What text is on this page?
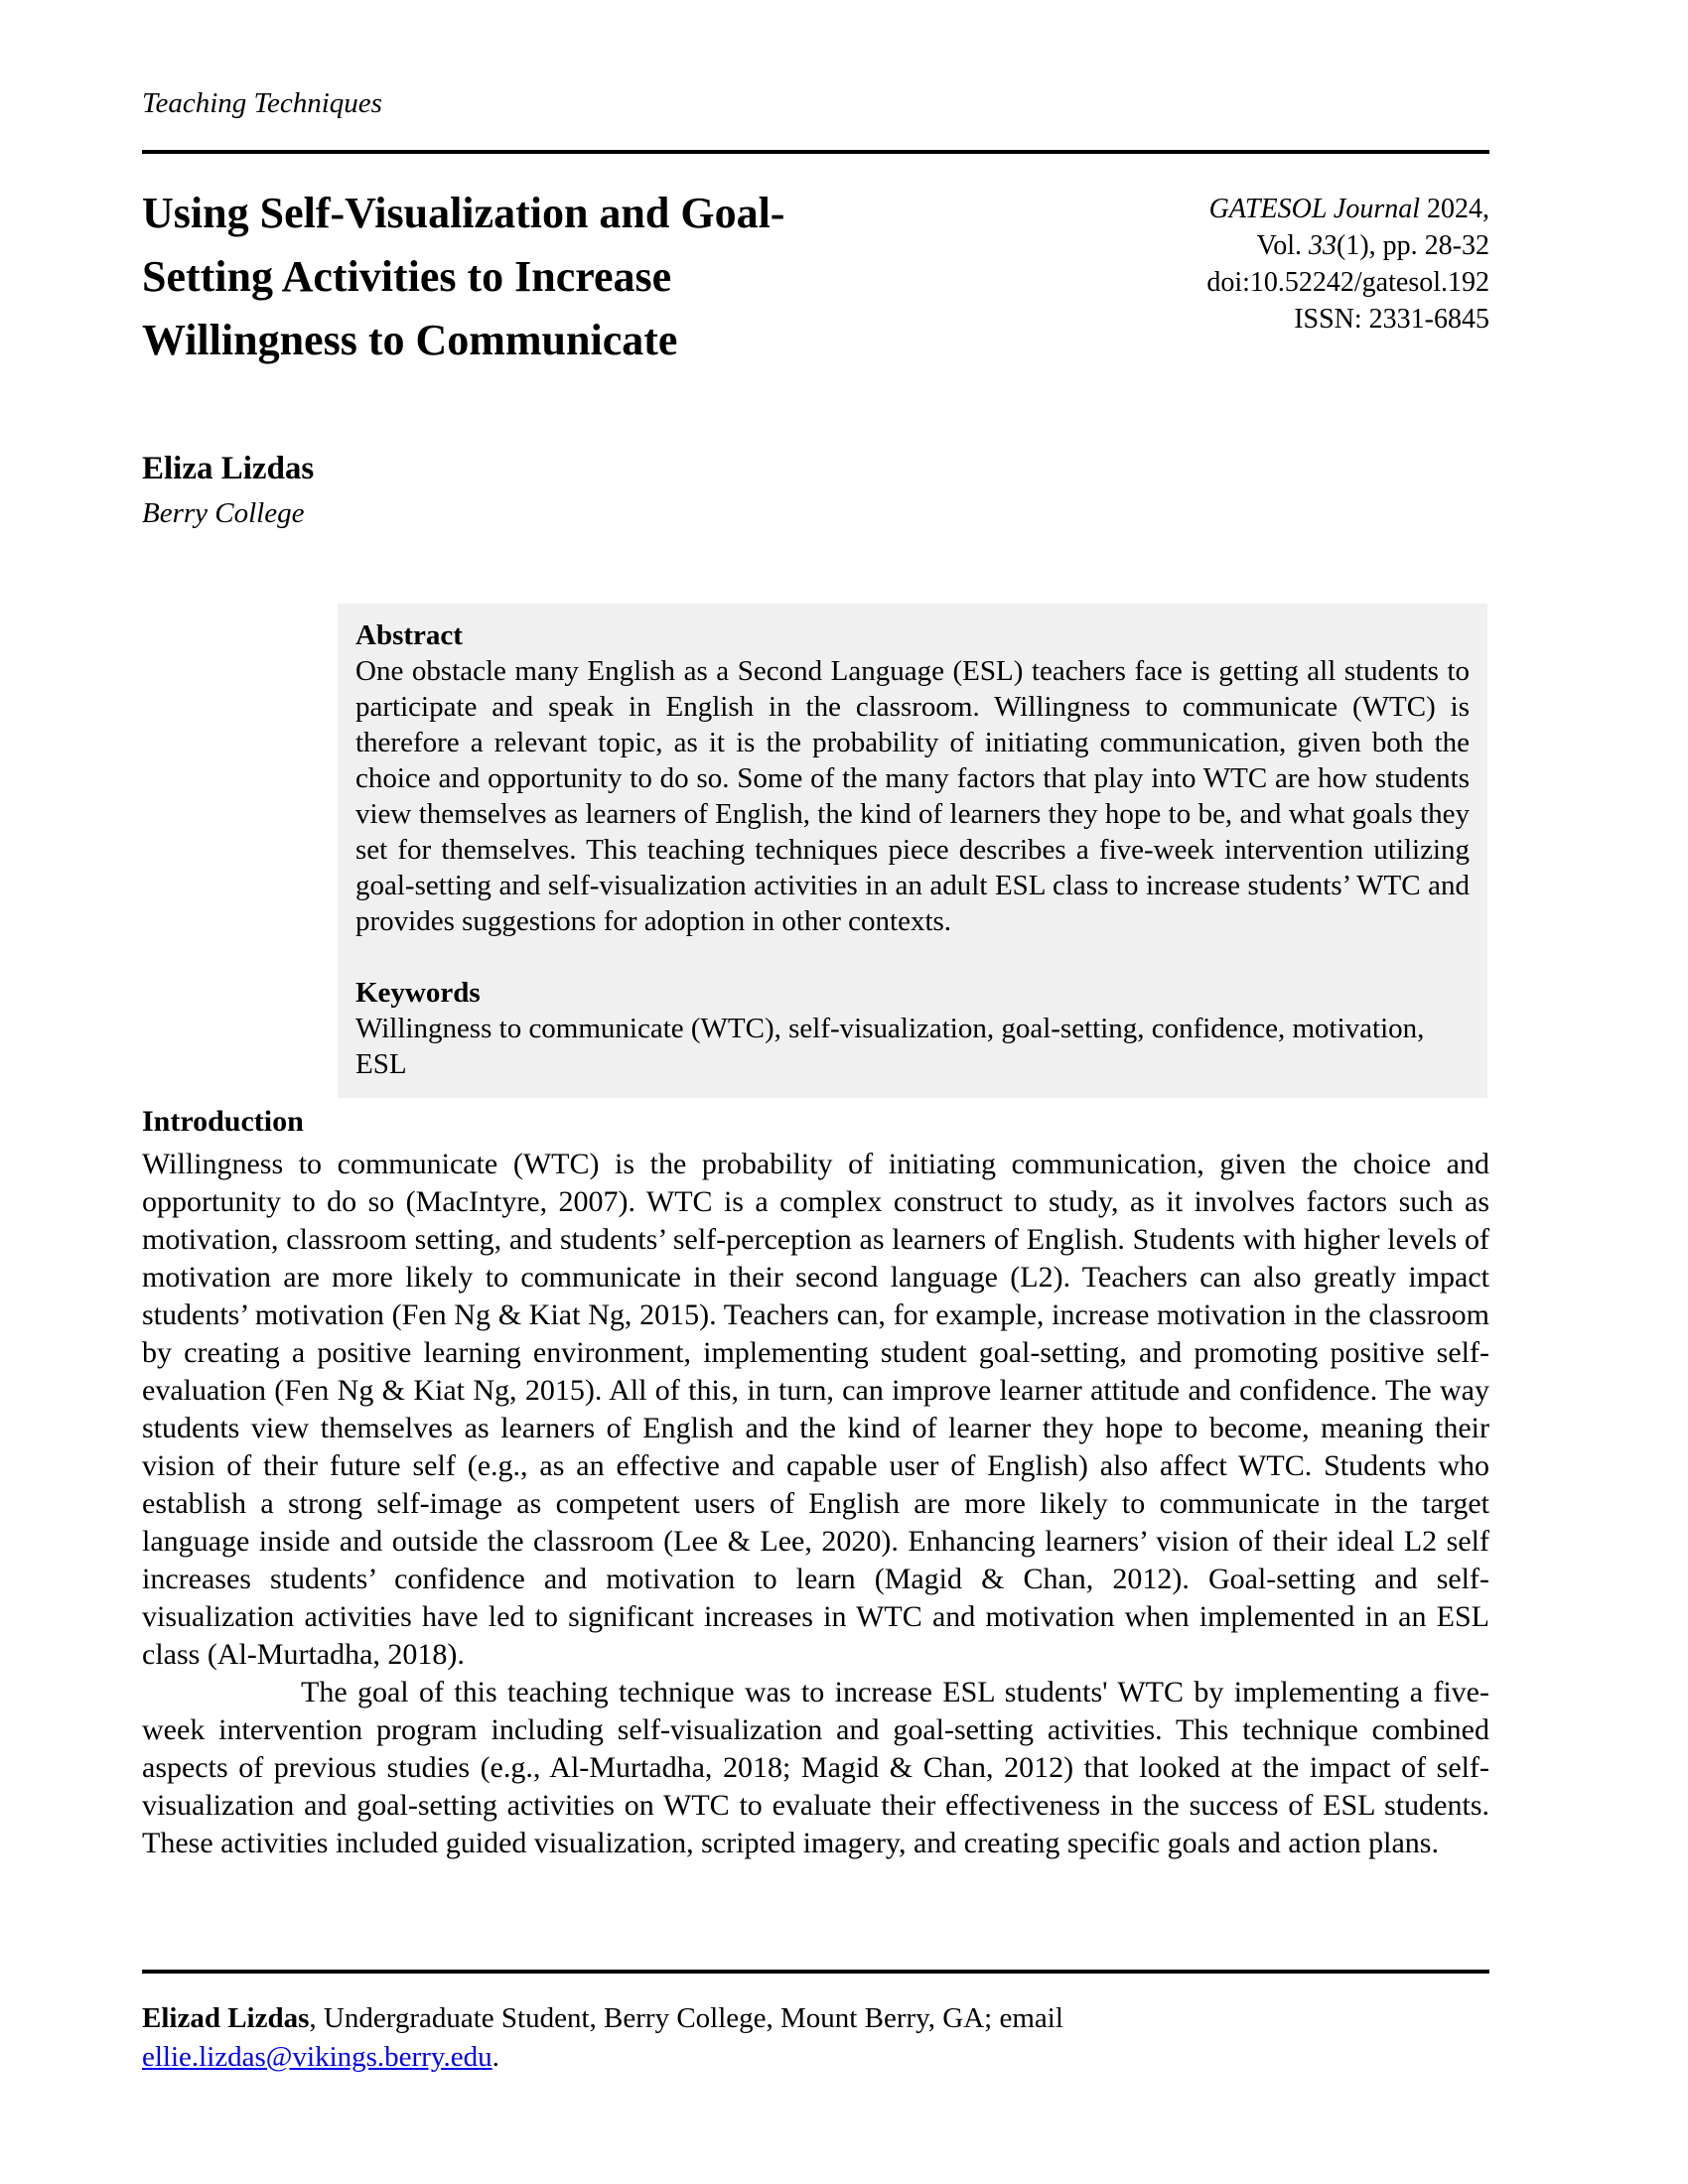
Teaching Techniques
Using Self-Visualization and Goal-
Setting Activities to Increase
Willingness to Communicate
GATESOL Journal 2024,
Vol. 33(1), pp. 28-32
doi:10.52242/gatesol.192
ISSN: 2331-6845
Eliza Lizdas
Berry College
Abstract

One obstacle many English as a Second Language (ESL) teachers face is getting all students to participate and speak in English in the classroom. Willingness to communicate (WTC) is therefore a relevant topic, as it is the probability of initiating communication, given both the choice and opportunity to do so. Some of the many factors that play into WTC are how students view themselves as learners of English, the kind of learners they hope to be, and what goals they set for themselves. This teaching techniques piece describes a five-week intervention utilizing goal-setting and self-visualization activities in an adult ESL class to increase students’ WTC and provides suggestions for adoption in other contexts.

Keywords

Willingness to communicate (WTC), self-visualization, goal-setting, confidence, motivation, ESL

Introduction

Willingness to communicate (WTC) is the probability of initiating communication, given the choice and opportunity to do so (MacIntyre, 2007). WTC is a complex construct to study, as it involves factors such as motivation, classroom setting, and students’ self-perception as learners of English. Students with higher levels of motivation are more likely to communicate in their second language (L2). Teachers can also greatly impact students’ motivation (Fen Ng & Kiat Ng, 2015). Teachers can, for example, increase motivation in the classroom by creating a positive learning environment, implementing student goal-setting, and promoting positive self-evaluation (Fen Ng & Kiat Ng, 2015). All of this, in turn, can improve learner attitude and confidence. The way students view themselves as learners of English and the kind of learner they hope to become, meaning their vision of their future self (e.g., as an effective and capable user of English) also affect WTC. Students who establish a strong self-image as competent users of English are more likely to communicate in the target language inside and outside the classroom (Lee & Lee, 2020). Enhancing learners’ vision of their ideal L2 self increases students’ confidence and motivation to learn (Magid & Chan, 2012). Goal-setting and self-visualization activities have led to significant increases in WTC and motivation when implemented in an ESL class (Al-Murtadha, 2018).

The goal of this teaching technique was to increase ESL students' WTC by implementing a five-week intervention program including self-visualization and goal-setting activities. This technique combined aspects of previous studies (e.g., Al-Murtadha, 2018; Magid & Chan, 2012) that looked at the impact of self-visualization and goal-setting activities on WTC to evaluate their effectiveness in the success of ESL students. These activities included guided visualization, scripted imagery, and creating specific goals and action plans.

Elizad Lizdas, Undergraduate Student, Berry College, Mount Berry, GA; email
ellie.lizdas@vikings.berry.edu.
